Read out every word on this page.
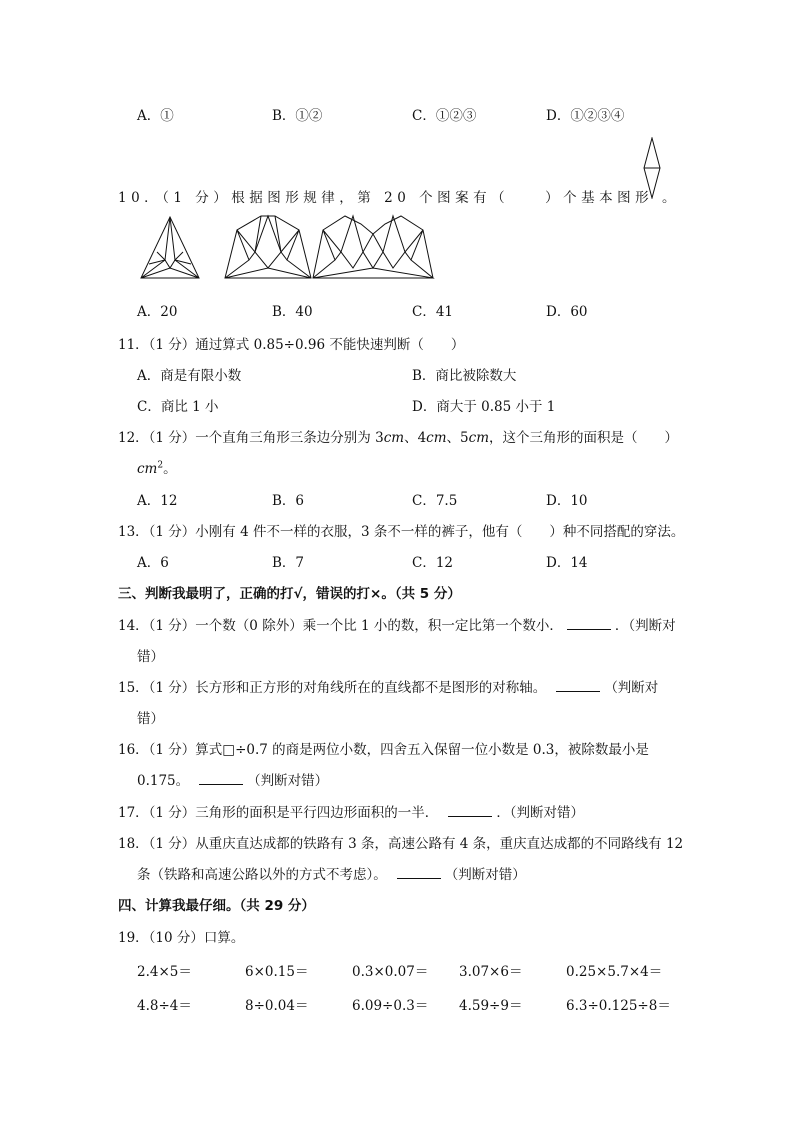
A．①	B．①②	C．①②③	D．①②③④
10．（1 分）根据图形规律，第 20 个图案有（　　）个基本图形 。
A．20	B．40	C．41	D．60
11．（1 分）通过算式 0.85÷0.96 不能快速判断（　　）
A．商是有限小数	B．商比被除数大
C．商比 1 小	D．商大于 0.85 小于 1
12．（1 分）一个直角三角形三条边分别为 3cm、4cm、5cm，这个三角形的面积是（　　）
$cm^2$。
A．12	B．6	C．7.5	D．10
13．（1 分）小刚有 4 件不一样的衣服，3 条不一样的裤子，他有（　　）种不同搭配的穿法。
A．6	B．7	C．12	D．14
三、判断我最明了，正确的打√，错误的打×。（共 5 分）
14．（1 分）一个数（0 除外）乘一个比 1 小的数，积一定比第一个数小．	．（判断对
错）
15．（1 分）长方形和正方形的对角线所在的直线都不是图形的对称轴。	（判断对
错）
16．（1 分）算式□÷0.7 的商是两位小数，四舍五入保留一位小数是 0.3，被除数最小是
0.175。	（判断对错）
17．（1 分）三角形的面积是平行四边形面积的一半．	．（判断对错）
18．（1 分）从重庆直达成都的铁路有 3 条，高速公路有 4 条，重庆直达成都的不同路线有 12
条（铁路和高速公路以外的方式不考虑）。	（判断对错）
四、计算我最仔细。（共 29 分）
19．（10 分）口算。
2.4×5＝	6×0.15＝	0.3×0.07＝ 3.07×6＝	0.25×5.7×4＝
4.8÷4＝	8÷0.04＝	6.09÷0.3＝ 4.59÷9＝	6.3÷0.125÷8＝
